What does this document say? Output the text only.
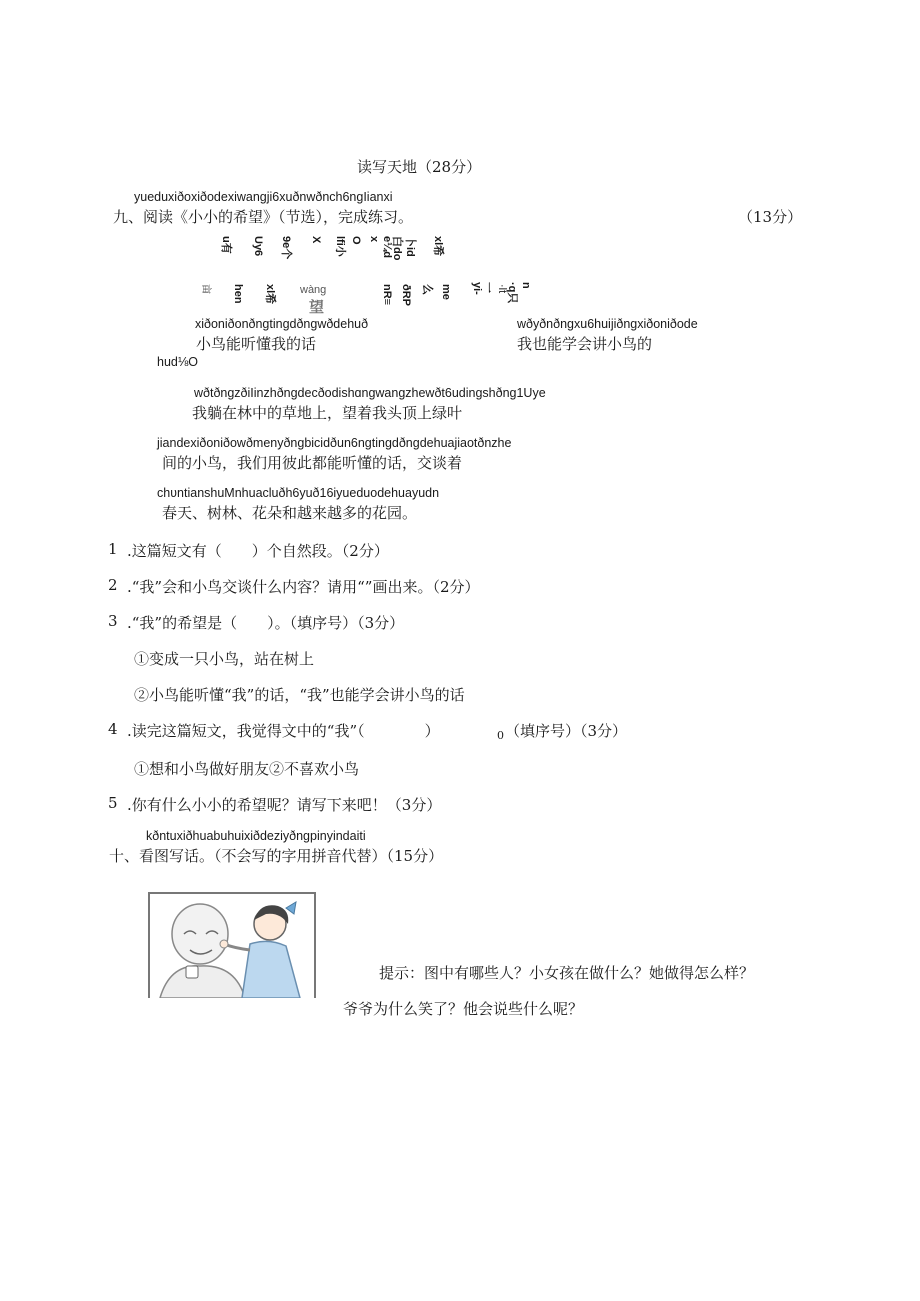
读写天地（28分）
yueduxiðoxiðodexiwangji6xuðnwðnch6ngIianxi
九、阅读《小小的希望》（节选），完成练习。	（13分）
u有
亩
Uy6
hen
9e个
xl希
X
wàng
望
lfi小 O x e¼d
白do 卜id
nR≡ ðRP
xl希
me
么	yi- 一 n
·q只
·lt
xiðoniðonðngtingdðngwðdehuð
小鸟能听懂我的话
wðyðnðngxu6huijiðngxiðoniðode
我也能学会讲小鸟的
hud⅛O
wðtðngzðiIinzhðngdecðodishɑngwangzhewðt6udingshðng1Uye
我躺在林中的草地上，望着我头顶上绿叶
jiandexiðoniðowðmenyðngbicidðun6ngtingdðngdehuajiaotðnzhe
间的小鸟，我们用彼此都能听懂的话，交谈着
chʋntianshuMnhuacluðh6yuð16iyueduodehuayudn
春天、树林、花朵和越来越多的花园。
1 .这篇短文有（　　）个自然段。（2分）
2 .“我”会和小鸟交谈什么内容？请用“”画出来。（2分）
3 .“我”的希望是（　　）。（填序号）（3分）
①变成一只小鸟，站在树上
②小鸟能听懂“我”的话，“我”也能学会讲小鸟的话
4 .读完这篇短文，我觉得文中的“我”（　　　　）	0 （填序号）（3分）
①想和小鸟做好朋友②不喜欢小鸟
5 .你有什么小小的希望呢？请写下来吧！（3分）
kðntuxiðhuabuhuixiðdeziyðngpinyindaiti
十、看图写话。（不会写的字用拼音代替）（15分）
提示：图中有哪些人？小女孩在做什么？她做得怎么样？
爷爷为什么笑了？他会说些什么呢？
